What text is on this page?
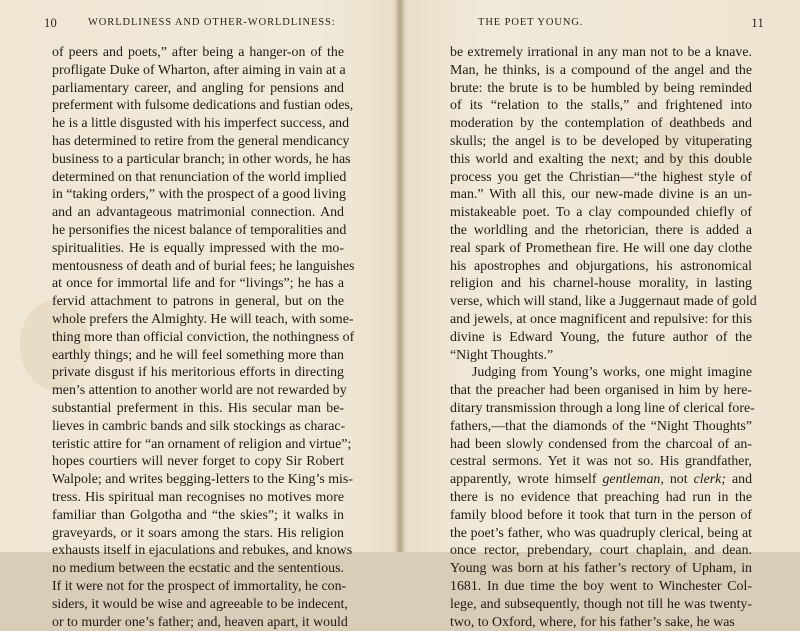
10	WORLDLINESS AND OTHER-WORLDLINESS:
of peers and poets,” after being a hanger-on of the
profligate Duke of Wharton, after aiming in vain at a
parliamentary career, and angling for pensions and
preferment with fulsome dedications and fustian odes,
he is a little disgusted with his imperfect success, and
has determined to retire from the general mendicancy
business to a particular branch; in other words, he has
determined on that renunciation of the world implied
in “taking orders,” with the prospect of a good living
and an advantageous matrimonial connection. And
he personifies the nicest balance of temporalities and
spiritualities. He is equally impressed with the mo-
mentousness of death and of burial fees; he languishes
at once for immortal life and for “livings”; he has a
fervid attachment to patrons in general, but on the
whole prefers the Almighty. He will teach, with some-
thing more than official conviction, the nothingness of
earthly things; and he will feel something more than
private disgust if his meritorious efforts in directing
men’s attention to another world are not rewarded by
substantial preferment in this. His secular man be-
lieves in cambric bands and silk stockings as charac-
teristic attire for “an ornament of religion and virtue”;
hopes courtiers will never forget to copy Sir Robert
Walpole; and writes begging-letters to the King’s mis-
tress. His spiritual man recognises no motives more
familiar than Golgotha and “the skies”; it walks in
graveyards, or it soars among the stars. His religion
exhausts itself in ejaculations and rebukes, and knows
no medium between the ecstatic and the sententious.
If it were not for the prospect of immortality, he con-
siders, it would be wise and agreeable to be indecent,
or to murder one’s father; and, heaven apart, it would
THE POET YOUNG.	11
be extremely irrational in any man not to be a knave.
Man, he thinks, is a compound of the angel and the
brute: the brute is to be humbled by being reminded
of its “relation to the stalls,” and frightened into
moderation by the contemplation of deathbeds and
skulls; the angel is to be developed by vituperating
this world and exalting the next; and by this double
process you get the Christian—“the highest style of
man.” With all this, our new-made divine is an un-
mistakeable poet. To a clay compounded chiefly of
the worldling and the rhetorician, there is added a
real spark of Promethean fire. He will one day clothe
his apostrophes and objurgations, his astronomical
religion and his charnel-house morality, in lasting
verse, which will stand, like a Juggernaut made of gold
and jewels, at once magnificent and repulsive: for this
divine is Edward Young, the future author of the
“Night Thoughts.”
Judging from Young’s works, one might imagine
that the preacher had been organised in him by here-
ditary transmission through a long line of clerical fore-
fathers,—that the diamonds of the “Night Thoughts”
had been slowly condensed from the charcoal of an-
cestral sermons. Yet it was not so. His grandfather,
apparently, wrote himself gentleman, not clerk; and
there is no evidence that preaching had run in the
family blood before it took that turn in the person of
the poet’s father, who was quadruply clerical, being at
once rector, prebendary, court chaplain, and dean.
Young was born at his father’s rectory of Upham, in
1681. In due time the boy went to Winchester Col-
lege, and subsequently, though not till he was twenty-
two, to Oxford, where, for his father’s sake, he was
